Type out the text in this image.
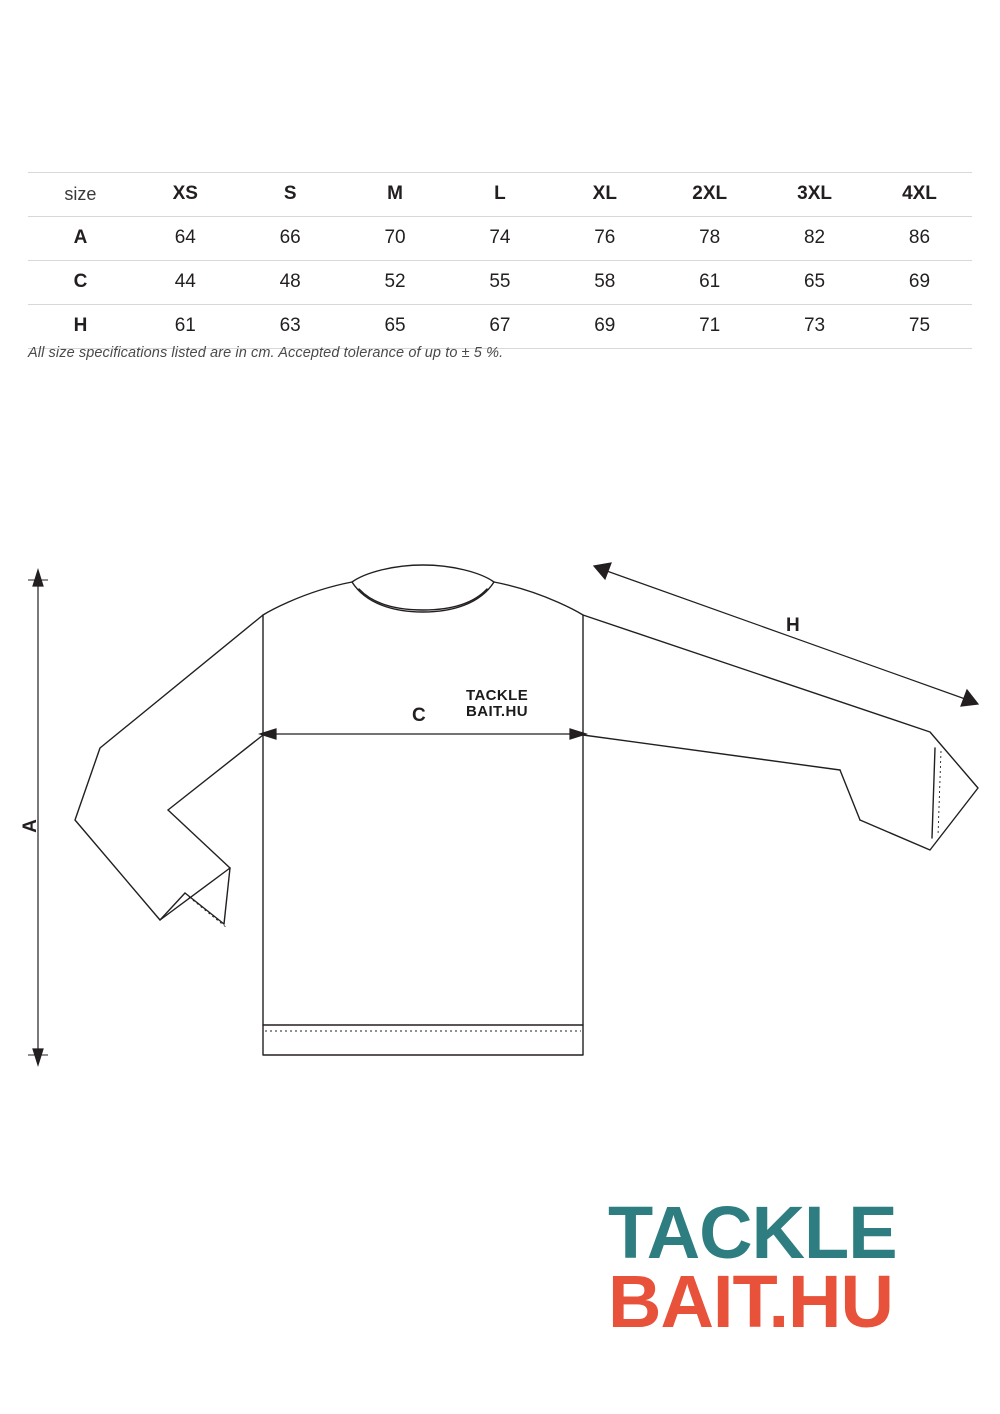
size	XS	S	M	L	XL	2XL	3XL	4XL
A	64	66	70	74	76	78	82	86
C	44	48	52	55	58	61	65	69
H	61	63	65	67	69	71	73	75
All size specifications listed are in cm. Accepted tolerance of up to ± 5 %.
A
C
H
TACKLE
BAIT.HU
TACKLE
BAIT.HU
